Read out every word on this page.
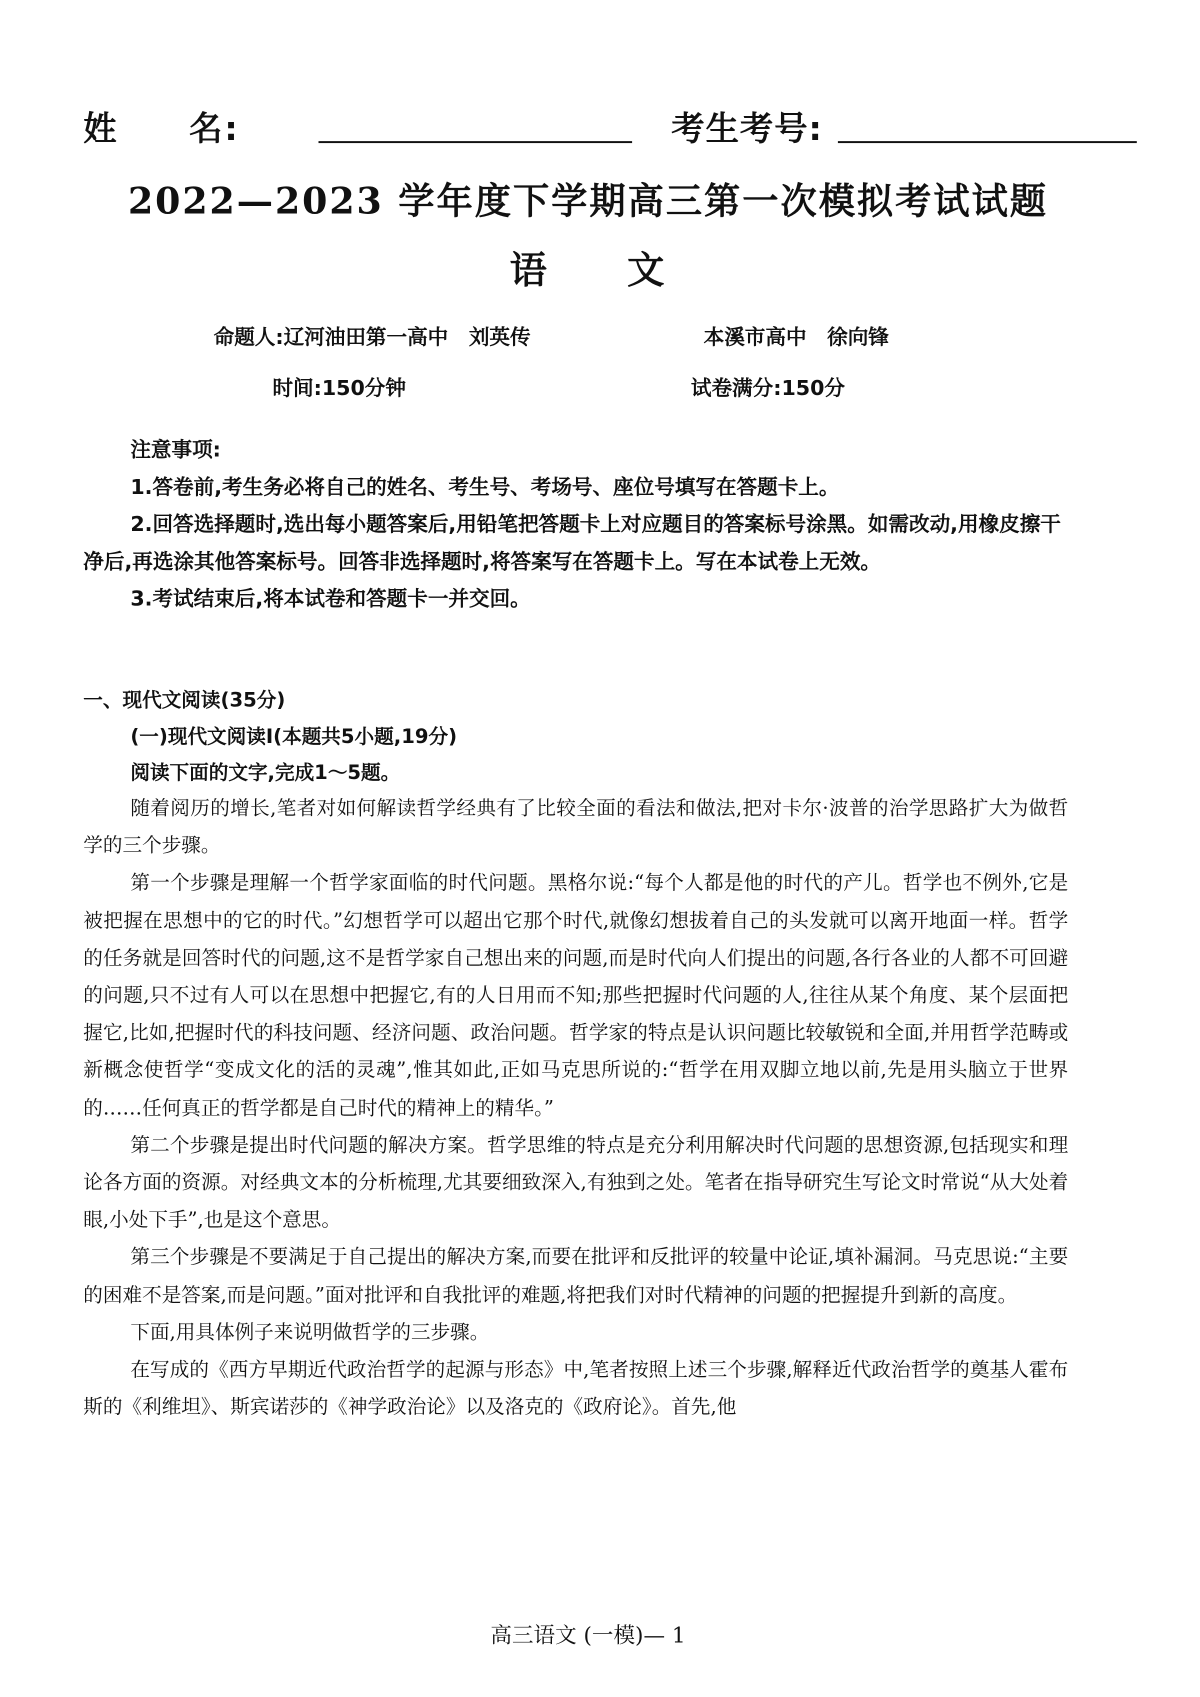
姓　　名:	考生考号:
2022—2023 学年度下学期高三第一次模拟考试试题
语　　文
命题人:辽河油田第一高中　刘英传	本溪市高中　徐向锋
时间:150分钟	试卷满分:150分

注意事项:

1.答卷前,考生务必将自己的姓名、考生号、考场号、座位号填写在答题卡上。

2.回答选择题时,选出每小题答案后,用铅笔把答题卡上对应题目的答案标号涂黑。如需改动,用橡皮擦干净后,再选涂其他答案标号。回答非选择题时,将答案写在答题卡上。写在本试卷上无效。

3.考试结束后,将本试卷和答题卡一并交回。

一、现代文阅读(35分)

(一)现代文阅读Ⅰ(本题共5小题,19分)

阅读下面的文字,完成1～5题。

随着阅历的增长,笔者对如何解读哲学经典有了比较全面的看法和做法,把对卡尔·波普的治学思路扩大为做哲学的三个步骤。

第一个步骤是理解一个哲学家面临的时代问题。黑格尔说:“每个人都是他的时代的产儿。哲学也不例外,它是被把握在思想中的它的时代。”幻想哲学可以超出它那个时代,就像幻想拔着自己的头发就可以离开地面一样。哲学的任务就是回答时代的问题,这不是哲学家自己想出来的问题,而是时代向人们提出的问题,各行各业的人都不可回避的问题,只不过有人可以在思想中把握它,有的人日用而不知;那些把握时代问题的人,往往从某个角度、某个层面把握它,比如,把握时代的科技问题、经济问题、政治问题。哲学家的特点是认识问题比较敏锐和全面,并用哲学范畴或新概念使哲学“变成文化的活的灵魂”,惟其如此,正如马克思所说的:“哲学在用双脚立地以前,先是用头脑立于世界的……任何真正的哲学都是自己时代的精神上的精华。”

第二个步骤是提出时代问题的解决方案。哲学思维的特点是充分利用解决时代问题的思想资源,包括现实和理论各方面的资源。对经典文本的分析梳理,尤其要细致深入,有独到之处。笔者在指导研究生写论文时常说“从大处着眼,小处下手”,也是这个意思。

第三个步骤是不要满足于自己提出的解决方案,而要在批评和反批评的较量中论证,填补漏洞。马克思说:“主要的困难不是答案,而是问题。”面对批评和自我批评的难题,将把我们对时代精神的问题的把握提升到新的高度。

下面,用具体例子来说明做哲学的三步骤。

在写成的《西方早期近代政治哲学的起源与形态》中,笔者按照上述三个步骤,解释近代政治哲学的奠基人霍布斯的《利维坦》、斯宾诺莎的《神学政治论》以及洛克的《政府论》。首先,他

高三语文 (一模)— 1
